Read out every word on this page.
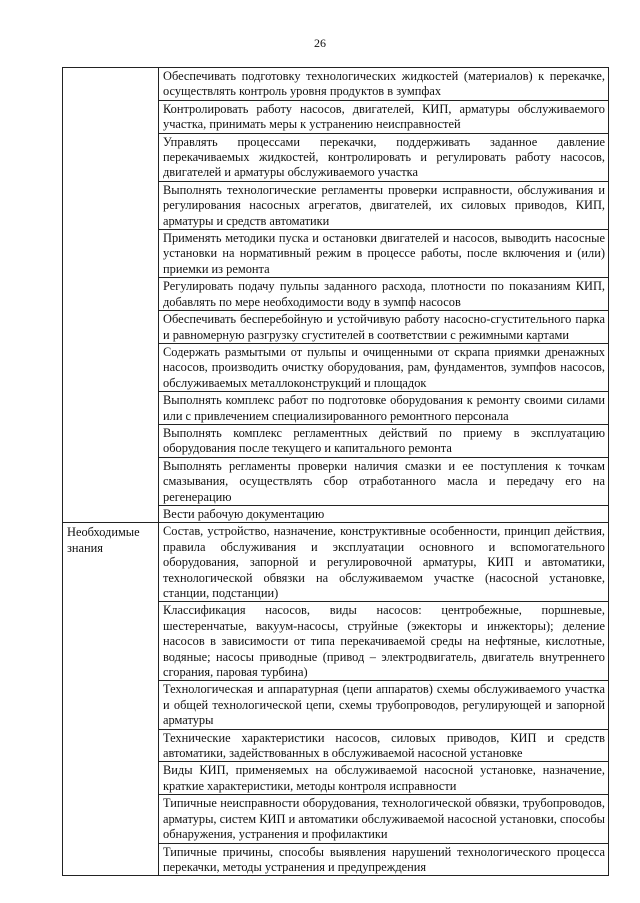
26
	Обеспечивать подготовку технологических жидкостей (материалов) к перекачке, осуществлять контроль уровня продуктов в зумпфах
	Контролировать работу насосов, двигателей, КИП, арматуры обслуживаемого участка, принимать меры к устранению неисправностей
	Управлять процессами перекачки, поддерживать заданное давление перекачиваемых жидкостей, контролировать и регулировать работу насосов, двигателей и арматуры обслуживаемого участка
	Выполнять технологические регламенты проверки исправности, обслуживания и регулирования насосных агрегатов, двигателей, их силовых приводов, КИП, арматуры и средств автоматики
	Применять методики пуска и остановки двигателей и насосов, выводить насосные установки на нормативный режим в процессе работы, после включения и (или) приемки из ремонта
	Регулировать подачу пульпы заданного расхода, плотности по показаниям КИП, добавлять по мере необходимости воду в зумпф насосов
	Обеспечивать бесперебойную и устойчивую работу насосно-сгустительного парка и равномерную разгрузку сгустителей в соответствии с режимными картами
	Содержать размытыми от пульпы и очищенными от скрапа приямки дренажных насосов, производить очистку оборудования, рам, фундаментов, зумпфов насосов, обслуживаемых металлоконструкций и площадок
	Выполнять комплекс работ по подготовке оборудования к ремонту своими силами или с привлечением специализированного ремонтного персонала
	Выполнять комплекс регламентных действий по приему в эксплуатацию оборудования после текущего и капитального ремонта
	Выполнять регламенты проверки наличия смазки и ее поступления к точкам смазывания, осуществлять сбор отработанного масла и передачу его на регенерацию
	Вести рабочую документацию

Необходимые знания	Состав, устройство, назначение, конструктивные особенности, принцип действия, правила обслуживания и эксплуатации основного и вспомогательного оборудования, запорной и регулировочной арматуры, КИП и автоматики, технологической обвязки на обслуживаемом участке (насосной установке, станции, подстанции)
	Классификация насосов, виды насосов: центробежные, поршневые, шестеренчатые, вакуум-насосы, струйные (эжекторы и инжекторы); деление насосов в зависимости от типа перекачиваемой среды на нефтяные, кислотные, водяные; насосы приводные (привод – электродвигатель, двигатель внутреннего сгорания, паровая турбина)
	Технологическая и аппаратурная (цепи аппаратов) схемы обслуживаемого участка и общей технологической цепи, схемы трубопроводов, регулирующей и запорной арматуры
	Технические характеристики насосов, силовых приводов, КИП и средств автоматики, задействованных в обслуживаемой насосной установке
	Виды КИП, применяемых на обслуживаемой насосной установке, назначение, краткие характеристики, методы контроля исправности
	Типичные неисправности оборудования, технологической обвязки, трубопроводов, арматуры, систем КИП и автоматики обслуживаемой насосной установки, способы обнаружения, устранения и профилактики
	Типичные причины, способы выявления нарушений технологического процесса перекачки, методы устранения и предупреждения
